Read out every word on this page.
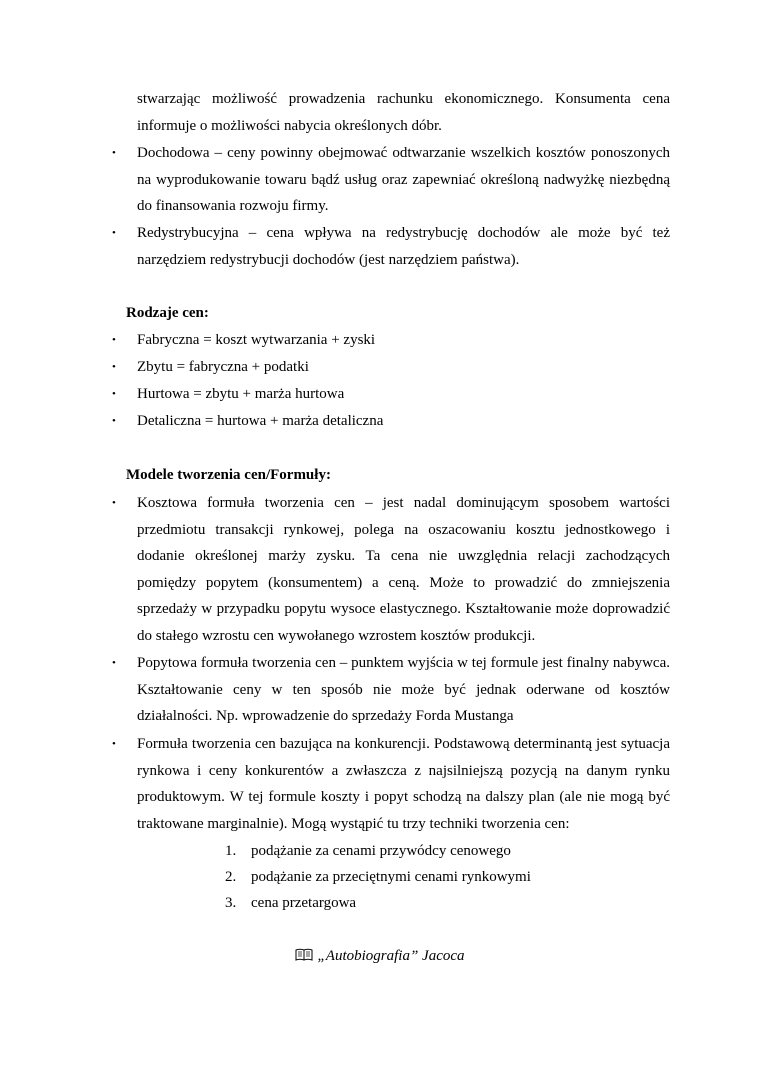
stwarzając możliwość prowadzenia rachunku ekonomicznego. Konsumenta cena informuje o możliwości nabycia określonych dóbr.

•	Dochodowa – ceny powinny obejmować odtwarzanie wszelkich kosztów ponoszonych na wyprodukowanie towaru bądź usług oraz zapewniać określoną nadwyżkę niezbędną do finansowania rozwoju firmy.

•	Redystrybucyjna – cena wpływa na redystrybucję dochodów ale może być też narzędziem redystrybucji dochodów (jest narzędziem państwa).

Rodzaje cen:

•	Fabryczna = koszt wytwarzania + zyski

•	Zbytu = fabryczna + podatki

•	Hurtowa = zbytu + marża hurtowa

•	Detaliczna = hurtowa + marża detaliczna

Modele tworzenia cen/Formuły:

•	Kosztowa formuła tworzenia cen – jest nadal dominującym sposobem wartości przedmiotu transakcji rynkowej, polega na oszacowaniu kosztu jednostkowego i dodanie określonej marży zysku. Ta cena nie uwzględnia relacji zachodzących pomiędzy popytem (konsumentem) a ceną. Może to prowadzić do zmniejszenia sprzedaży w przypadku popytu wysoce elastycznego. Kształtowanie może doprowadzić do stałego wzrostu cen wywołanego wzrostem kosztów produkcji.

•	Popytowa formuła tworzenia cen – punktem wyjścia w tej formule jest finalny nabywca. Kształtowanie ceny w ten sposób nie może być jednak oderwane od kosztów działalności. Np. wprowadzenie do sprzedaży Forda Mustanga

•	Formuła tworzenia cen bazująca na konkurencji. Podstawową determinantą jest sytuacja rynkowa i ceny konkurentów a zwłaszcza z najsilniejszą pozycją na danym rynku produktowym. W tej formule koszty i popyt schodzą na dalszy plan (ale nie mogą być traktowane marginalnie). Mogą wystąpić tu trzy techniki tworzenia cen:

1. podążanie za cenami przywódcy cenowego
2. podążanie za przeciętnymi cenami rynkowymi
3. cena przetargowa
„Autobiografia” Jacoca
